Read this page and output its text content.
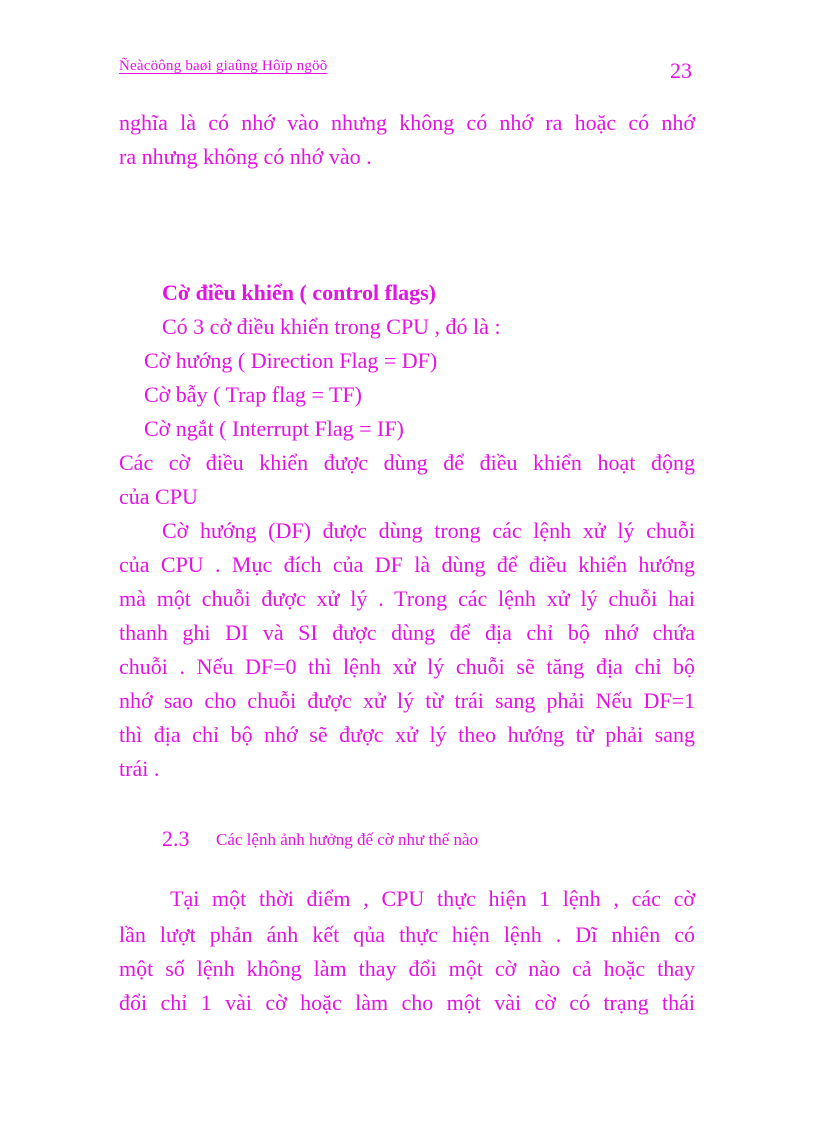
Ñeàcöông baøi giaûng Hôïp ngöõ	23
nghĩa là có nhớ vào nhưng không có nhớ ra hoặc có nhớ
ra nhưng không có nhớ vào .
Cờ điều khiển ( control flags)
Có 3 cở điều khiển trong CPU , đó là :
Cờ hướng ( Direction Flag = DF)
Cờ bẫy ( Trap flag = TF)
Cờ ngắt ( Interrupt Flag = IF)
Các cờ điều khiển được dùng để điều khiển hoạt động
của CPU
Cờ hướng (DF) được dùng trong các lệnh xử lý chuỗi
của CPU . Mục đích của DF là dùng để điều khiển hướng
mà một chuỗi được xử lý . Trong các lệnh xử lý chuỗi hai
thanh ghi DI và SI được dùng để địa chỉ bộ nhớ chứa
chuỗi . Nếu DF=0 thì lệnh xử lý chuỗi sẽ tăng địa chỉ bộ
nhớ sao cho chuỗi được xử lý từ trái sang phải Nếu DF=1
thì địa chỉ bộ nhớ sẽ được xử lý theo hướng từ phải sang
trái .
2.3 Các lệnh ảnh hưởng đế cờ như thế nào
Tại một thời điểm , CPU thực hiện 1 lệnh , các cờ
lần lượt phản ánh kết qủa thực hiện lệnh . Dĩ nhiên có
một số lệnh không làm thay đổi một cờ nào cả hoặc thay
đổi chỉ 1 vài cờ hoặc làm cho một vài cờ có trạng thái
